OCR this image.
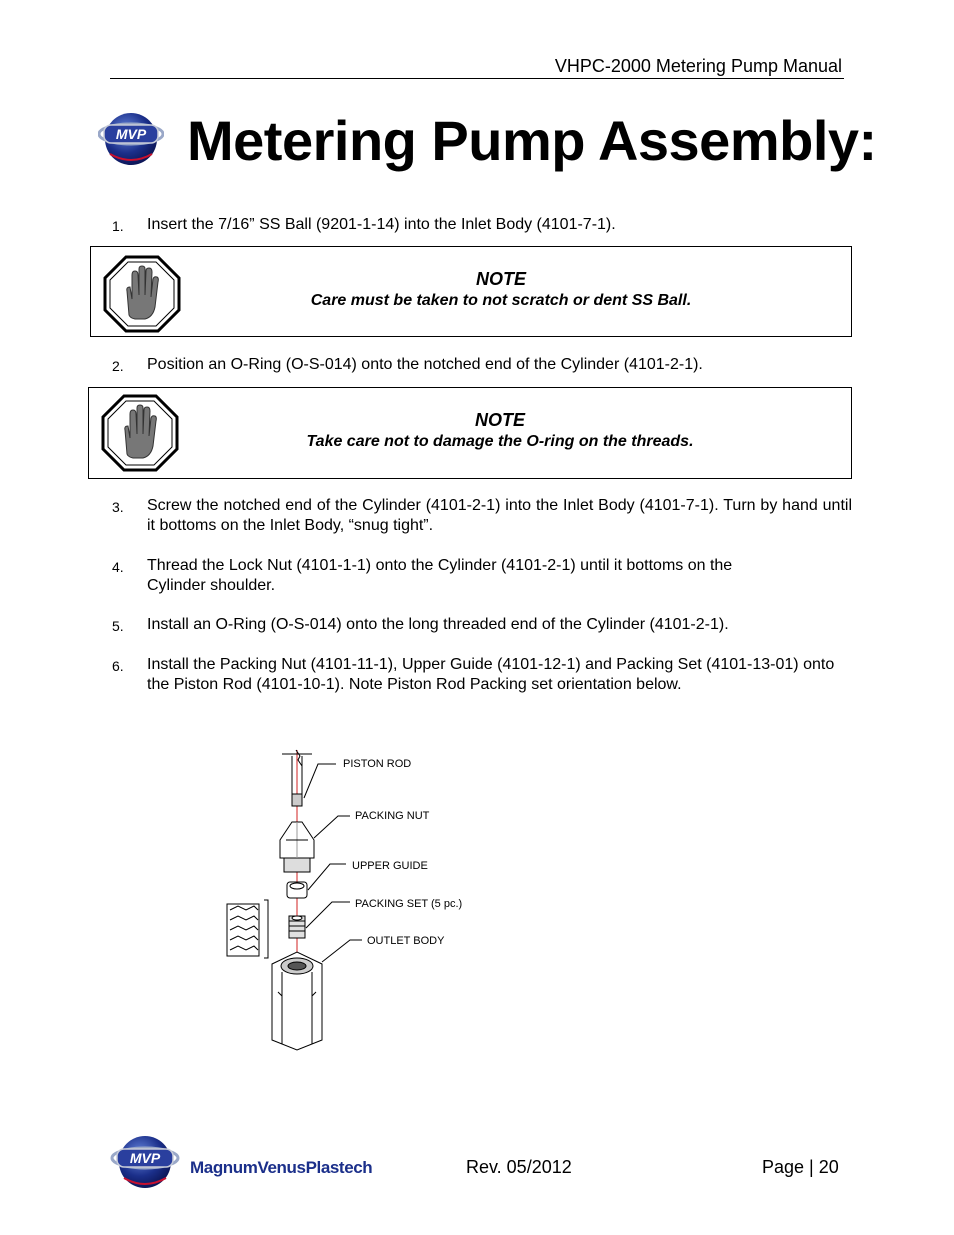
VHPC-2000 Metering Pump Manual
MVP Metering Pump Assembly:
1. Insert the 7/16” SS Ball (9201-1-14) into the Inlet Body (4101-7-1).
NOTE
Care must be taken to not scratch or dent SS Ball.
2. Position an O-Ring (O-S-014) onto the notched end of the Cylinder (4101-2-1).
NOTE
Take care not to damage the O-ring on the threads.
3. Screw the notched end of the Cylinder (4101-2-1) into the Inlet Body (4101-7-1). Turn by hand until it bottoms on the Inlet Body, “snug tight”.
4. Thread the Lock Nut (4101-1-1) onto the Cylinder (4101-2-1) until it bottoms on the Cylinder shoulder.
5. Install an O-Ring (O-S-014) onto the long threaded end of the Cylinder (4101-2-1).
6. Install the Packing Nut (4101-11-1), Upper Guide (4101-12-1) and Packing Set (4101-13-01) onto the Piston Rod (4101-10-1). Note Piston Rod Packing set orientation below.
PISTON ROD
PACKING NUT
UPPER GUIDE
PACKING SET (5 pc.)
OUTLET BODY
MVP MagnumVenusPlastech	Rev. 05/2012	Page | 20
